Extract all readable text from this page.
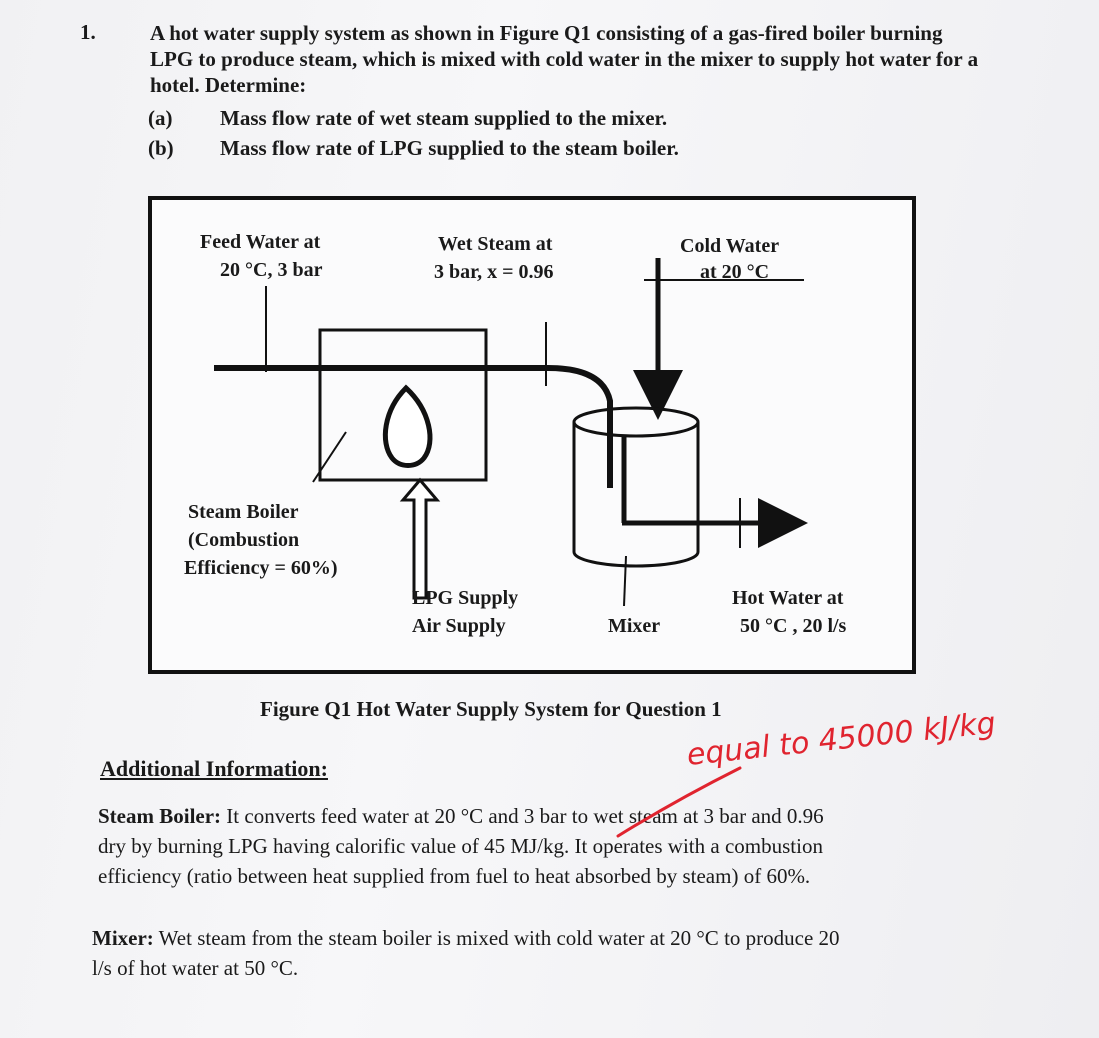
1.	A hot water supply system as shown in Figure Q1 consisting of a gas-fired boiler burning LPG to produce steam, which is mixed with cold water in the mixer to supply hot water for a hotel. Determine:
(a) Mass flow rate of wet steam supplied to the mixer.
(b) Mass flow rate of LPG supplied to the steam boiler.
Feed Water at
20 °C, 3 bar
Wet Steam at
3 bar, x = 0.96
Cold Water
at 20 °C
Steam Boiler
(Combustion
Efficiency = 60%)
LPG Supply
Air Supply	Mixer
Hot Water at
50 °C , 20 l/s
Figure Q1 Hot Water Supply System for Question 1
Additional Information:
Steam Boiler: It converts feed water at 20 °C and 3 bar to wet steam at 3 bar and 0.96
dry by burning LPG having calorific value of 45 MJ/kg. It operates with a combustion
efficiency (ratio between heat supplied from fuel to heat absorbed by steam) of 60%.
Mixer: Wet steam from the steam boiler is mixed with cold water at 20 °C to produce 20
l/s of hot water at 50 °C.
equal to 45000 kJ/kg
